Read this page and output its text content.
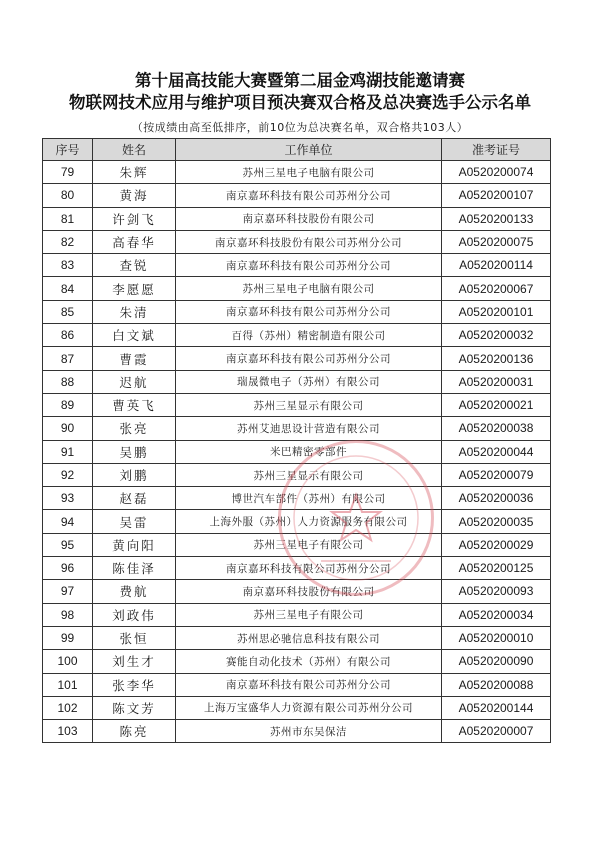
第十届高技能大赛暨第二届金鸡湖技能邀请赛
物联网技术应用与维护项目预决赛双合格及总决赛选手公示名单
（按成绩由高至低排序，前10位为总决赛名单，双合格共103人）
序号	姓名	工作单位	准考证号
79	朱辉	苏州三星电子电脑有限公司	A0520200074
80	黄海	南京嘉环科技有限公司苏州分公司	A0520200107
81	许剑飞	南京嘉环科技股份有限公司	A0520200133
82	高春华	南京嘉环科技股份有限公司苏州分公司	A0520200075
83	查锐	南京嘉环科技有限公司苏州分公司	A0520200114
84	李愿愿	苏州三星电子电脑有限公司	A0520200067
85	朱清	南京嘉环科技有限公司苏州分公司	A0520200101
86	白文斌	百得（苏州）精密制造有限公司	A0520200032
87	曹霞	南京嘉环科技有限公司苏州分公司	A0520200136
88	迟航	瑞晟微电子（苏州）有限公司	A0520200031
89	曹英飞	苏州三星显示有限公司	A0520200021
90	张亮	苏州艾迪思设计营造有限公司	A0520200038
91	吴鹏	米巴精密零部件	A0520200044
92	刘鹏	苏州三星显示有限公司	A0520200079
93	赵磊	博世汽车部件（苏州）有限公司	A0520200036
94	吴雷	上海外服（苏州）人力资源服务有限公司	A0520200035
95	黄向阳	苏州三星电子有限公司	A0520200029
96	陈佳泽	南京嘉环科技有限公司苏州分公司	A0520200125
97	费航	南京嘉环科技股份有限公司	A0520200093
98	刘政伟	苏州三星电子有限公司	A0520200034
99	张恒	苏州思必驰信息科技有限公司	A0520200010
100	刘生才	赛能自动化技术（苏州）有限公司	A0520200090
101	张李华	南京嘉环科技有限公司苏州分公司	A0520200088
102	陈文芳	上海万宝盛华人力资源有限公司苏州分公司	A0520200144
103	陈亮	苏州市东吴保洁	A0520200007
